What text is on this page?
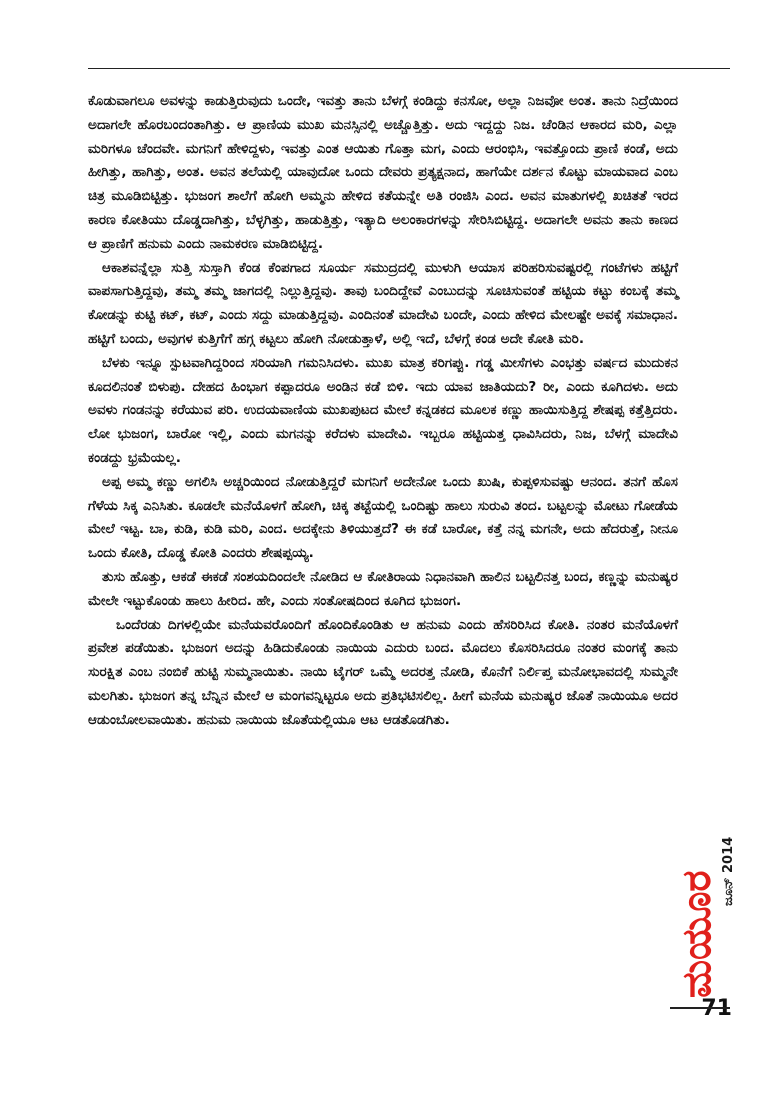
ಕೊಡುವಾಗಲೂ ಅವಳನ್ನು ಕಾಡುತ್ತಿರುವುದು ಒಂದೇ, ಇವತ್ತು ತಾನು ಬೆಳಗ್ಗೆ ಕಂಡಿದ್ದು ಕನಸೋ, ಅಲ್ಲಾ ನಿಜವೋ ಅಂತ. ತಾನು ನಿದ್ರೆಯಿಂದ ಅದಾಗಲೇ ಹೊರಬಂದಂತಾಗಿತ್ತು. ಆ ಪ್ರಾಣಿಯ ಮುಖ ಮನಸ್ಸಿನಲ್ಲಿ ಅಚ್ಚೊತ್ತಿತ್ತು. ಅದು ಇದ್ದದ್ದು ನಿಜ. ಚೆಂಡಿನ ಆಕಾರದ ಮರಿ, ಎಲ್ಲಾ ಮರಿಗಳೂ ಚೆಂದವೇ. ಮಗನಿಗೆ ಹೇಳಿದ್ದಳು, ಇವತ್ತು ಎಂತ ಆಯಿತು ಗೊತ್ತಾ ಮಗ, ಎಂದು ಆರಂಭಿಸಿ, ಇವತ್ತೊಂದು ಪ್ರಾಣಿ ಕಂಡೆ, ಅದು ಹೀಗಿತ್ತು, ಹಾಗಿತ್ತು, ಅಂತ. ಅವನ ತಲೆಯಲ್ಲಿ ಯಾವುದೋ ಒಂದು ದೇವರು ಪ್ರತ್ಯಕ್ಷನಾದ, ಹಾಗೆಯೇ ದರ್ಶನ ಕೊಟ್ಟು ಮಾಯವಾದ ಎಂಬ ಚಿತ್ರ ಮೂಡಿಬಿಟ್ಟಿತ್ತು. ಭುಜಂಗ ಶಾಲೆಗೆ ಹೋಗಿ ಅಮ್ಮನು ಹೇಳಿದ ಕತೆಯನ್ನೇ ಅತಿ ರಂಜಿಸಿ ಎಂದ. ಅವನ ಮಾತುಗಳಲ್ಲಿ ಖಚಿತತೆ ಇರದ ಕಾರಣ ಕೋತಿಯು ದೊಡ್ಡದಾಗಿತ್ತು, ಬೆಳ್ಳಗಿತ್ತು, ಹಾಡುತ್ತಿತ್ತು, ಇತ್ಯಾದಿ ಅಲಂಕಾರಗಳನ್ನು ಸೇರಿಸಿಬಿಟ್ಟಿದ್ದ. ಅದಾಗಲೇ ಅವನು ತಾನು ಕಾಣದ ಆ ಪ್ರಾಣಿಗೆ ಹನುಮ ಎಂದು ನಾಮಕರಣ ಮಾಡಿಬಿಟ್ಟಿದ್ದ.

ಆಕಾಶವನ್ನೆಲ್ಲಾ ಸುತ್ತಿ ಸುಸ್ತಾಗಿ ಕೆಂಡ ಕೆಂಪಗಾದ ಸೂರ್ಯ ಸಮುದ್ರದಲ್ಲಿ ಮುಳುಗಿ ಆಯಾಸ ಪರಿಹರಿಸುವಷ್ಟರಲ್ಲಿ ಗಂಟೆಗಳು ಹಟ್ಟಿಗೆ ವಾಪಸಾಗುತ್ತಿದ್ದವು, ತಮ್ಮ ತಮ್ಮ ಜಾಗದಲ್ಲಿ ನಿಲ್ಲುತ್ತಿದ್ದವು. ತಾವು ಬಂದಿದ್ದೇವೆ ಎಂಬುದನ್ನು ಸೂಚಿಸುವಂತೆ ಹಟ್ಟಿಯ ಕಟ್ಟು ಕಂಬಕ್ಕೆ ತಮ್ಮ ಕೋಡನ್ನು ಕುಟ್ಟಿ ಕಟ್, ಕಟ್, ಎಂದು ಸದ್ದು ಮಾಡುತ್ತಿದ್ದವು. ಎಂದಿನಂತೆ ಮಾದೇವಿ ಬಂದೇ, ಎಂದು ಹೇಳಿದ ಮೇಲಷ್ಟೇ ಅವಕ್ಕೆ ಸಮಾಧಾನ. ಹಟ್ಟಿಗೆ ಬಂದು, ಅವುಗಳ ಕುತ್ತಿಗೆಗೆ ಹಗ್ಗ ಕಟ್ಟಲು ಹೋಗಿ ನೋಡುತ್ತಾಳೆ, ಅಲ್ಲಿ ಇದೆ, ಬೆಳಗ್ಗೆ ಕಂಡ ಅದೇ ಕೋತಿ ಮರಿ.

ಬೆಳಕು ಇನ್ನೂ ಸ್ಪುಟವಾಗಿದ್ದರಿಂದ ಸರಿಯಾಗಿ ಗಮನಿಸಿದಳು. ಮುಖ ಮಾತ್ರ ಕರಿಗಪ್ಪು. ಗಡ್ಡ ಮೀಸೆಗಳು ಎಂಭತ್ತು ವರ್ಷದ ಮುದುಕನ ಕೂದಲಿನಂತೆ ಬಿಳುಪು. ದೇಹದ ಹಿಂಭಾಗ ಕಪ್ಪಾದರೂ ಅಂಡಿನ ಕಡೆ ಬಿಳಿ. ಇದು ಯಾವ ಜಾತಿಯದು? ರೀ, ಎಂದು ಕೂಗಿದಳು. ಅದು ಅವಳು ಗಂಡನನ್ನು ಕರೆಯುವ ಪರಿ. ಉದಯವಾಣಿಯ ಮುಖಪುಟದ ಮೇಲೆ ಕನ್ನಡಕದ ಮೂಲಕ ಕಣ್ಣು ಹಾಯಿಸುತ್ತಿದ್ದ ಶೇಷಪ್ಪ ಕತ್ತೆತ್ತಿದರು. ಲೋ ಭುಜಂಗ, ಬಾರೋ ಇಲ್ಲಿ, ಎಂದು ಮಗನನ್ನು ಕರೆದಳು ಮಾದೇವಿ. ಇಬ್ಬರೂ ಹಟ್ಟಿಯತ್ತ ಧಾವಿಸಿದರು, ನಿಜ, ಬೆಳಗ್ಗೆ ಮಾದೇವಿ ಕಂಡದ್ದು ಭ್ರಮೆಯಲ್ಲ.

ಅಪ್ಪ ಅಮ್ಮ ಕಣ್ಣು ಅಗಲಿಸಿ ಅಚ್ಚರಿಯಿಂದ ನೋಡುತ್ತಿದ್ದರೆ ಮಗನಿಗೆ ಅದೇನೋ ಒಂದು ಖುಷಿ, ಕುಪ್ಪಳಿಸುವಷ್ಟು ಆನಂದ. ತನಗೆ ಹೊಸ ಗೆಳೆಯ ಸಿಕ್ಕ ಎನಿಸಿತು. ಕೂಡಲೇ ಮನೆಯೊಳಗೆ ಹೋಗಿ, ಚಿಕ್ಕ ತಟ್ಟೆಯಲ್ಲಿ ಒಂದಿಷ್ಟು ಹಾಲು ಸುರುವಿ ತಂದ. ಬಟ್ಟಲನ್ನು ಮೋಟು ಗೋಡೆಯ ಮೇಲೆ ಇಟ್ಟ. ಬಾ, ಕುಡಿ, ಕುಡಿ ಮರಿ, ಎಂದ. ಅದಕ್ಕೇನು ತಿಳಿಯುತ್ತದೆ? ಈ ಕಡೆ ಬಾರೋ, ಕತ್ತೆ ನನ್ನ ಮಗನೇ, ಅದು ಹೆದರುತ್ತೆ, ನೀನೂ ಒಂದು ಕೋತಿ, ದೊಡ್ಡ ಕೋತಿ ಎಂದರು ಶೇಷಪ್ಪಯ್ಯ.

ತುಸು ಹೊತ್ತು, ಆಕಡೆ ಈಕಡೆ ಸಂಶಯದಿಂದಲೇ ನೋಡಿದ ಆ ಕೋತಿರಾಯ ನಿಧಾನವಾಗಿ ಹಾಲಿನ ಬಟ್ಟಲಿನತ್ತ ಬಂದ, ಕಣ್ಣನ್ನು ಮನುಷ್ಯರ ಮೇಲೇ ಇಟ್ಟುಕೊಂಡು ಹಾಲು ಹೀರಿದ. ಹೇ, ಎಂದು ಸಂತೋಷದಿಂದ ಕೂಗಿದ ಭುಜಂಗ.

ಒಂದೆರಡು ದಿಗಳಲ್ಲಿಯೇ ಮನೆಯವರೊಂದಿಗೆ ಹೊಂದಿಕೊಂಡಿತು ಆ ಹನುಮ ಎಂದು ಹೆಸರಿರಿಸಿದ ಕೋತಿ. ನಂತರ ಮನೆಯೊಳಗೆ ಪ್ರವೇಶ ಪಡೆಯಿತು. ಭುಜಂಗ ಅದನ್ನು ಹಿಡಿದುಕೊಂಡು ನಾಯಿಯ ಎದುರು ಬಂದ. ಮೊದಲು ಕೊಸರಿಸಿದರೂ ನಂತರ ಮಂಗಕ್ಕೆ ತಾನು ಸುರಕ್ಷಿತ ಎಂಬ ನಂಬಿಕೆ ಹುಟ್ಟಿ ಸುಮ್ಮನಾಯಿತು. ನಾಯಿ ಟೈಗರ್ ಒಮ್ಮೆ ಅದರತ್ತ ನೋಡಿ, ಕೊನೆಗೆ ನಿರ್ಲಿಪ್ತ ಮನೋಭಾವದಲ್ಲಿ ಸುಮ್ಮನೇ ಮಲಗಿತು. ಭುಜಂಗ ತನ್ನ ಬೆನ್ನಿನ ಮೇಲೆ ಆ ಮಂಗವನ್ನಿಟ್ಟರೂ ಅದು ಪ್ರತಿಭಟಿಸಲಿಲ್ಲ. ಹೀಗೆ ಮನೆಯ ಮನುಷ್ಯರ ಜೊತೆ ನಾಯಿಯೂ ಅದರ ಆಡುಂಬೋಲವಾಯಿತು. ಹನುಮ ನಾಯಿಯ ಜೊತೆಯಲ್ಲಿಯೂ ಆಟ ಆಡತೊಡಗಿತು.

ಮಯೂರ ಜೂನ್ 2014
71
